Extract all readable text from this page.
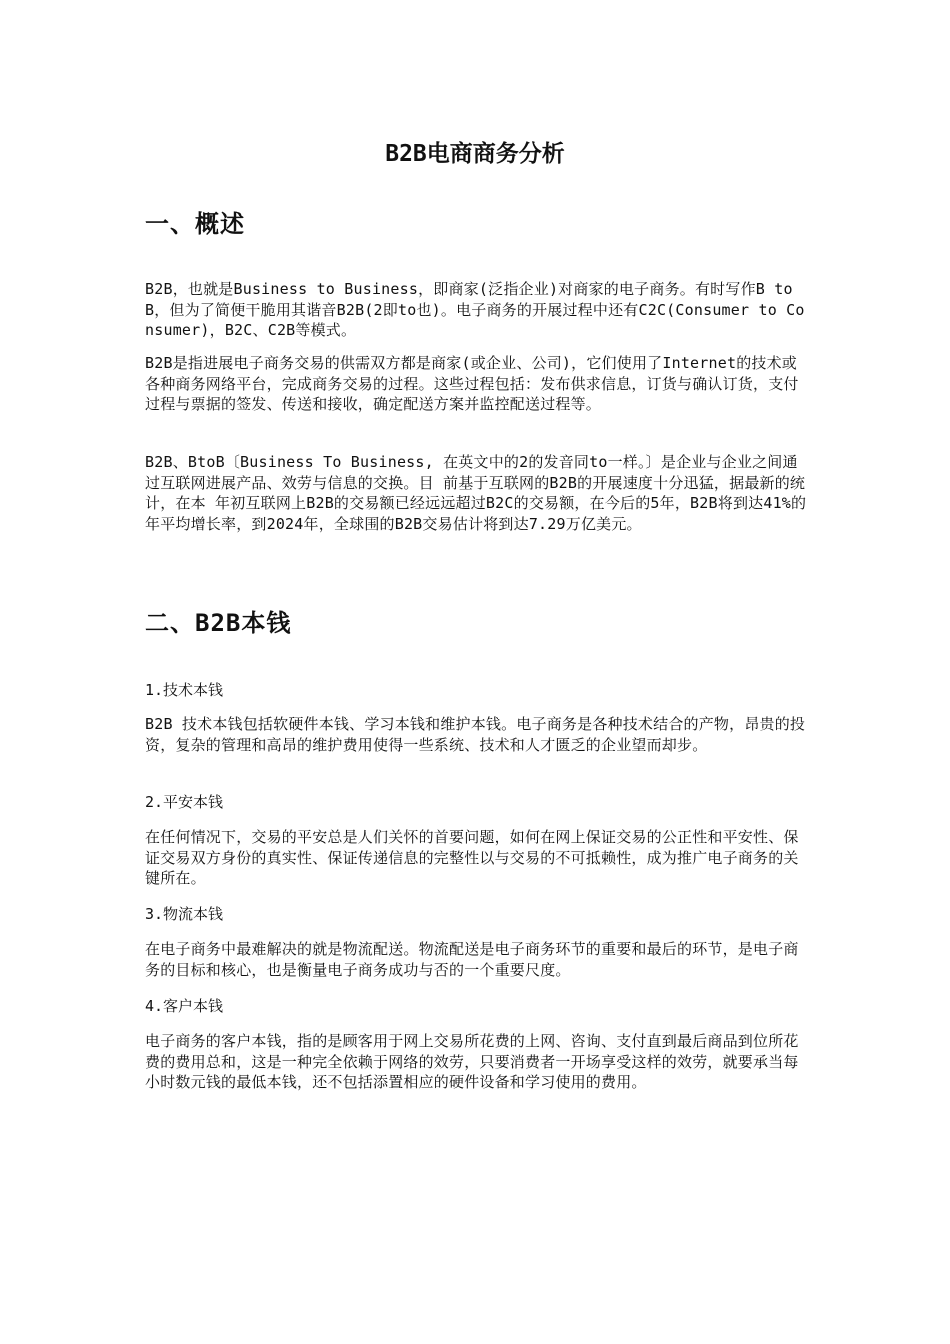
B2B电商商务分析
一、概述

B2B，也就是Business to Business，即商家(泛指企业)对商家的电子商务。有时写作B to B，但为了简便干脆用其谐音B2B(2即to也)。电子商务的开展过程中还有C2C(Consumer to Consumer)，B2C、C2B等模式。

B2B是指进展电子商务交易的供需双方都是商家(或企业、公司)，它们使用了Internet的技术或各种商务网络平台，完成商务交易的过程。这些过程包括：发布供求信息，订货与确认订货，支付过程与票据的签发、传送和接收，确定配送方案并监控配送过程等。

B2B、BtoB〔Business To Business, 在英文中的2的发音同to一样。〕是企业与企业之间通过互联网进展产品、效劳与信息的交换。目 前基于互联网的B2B的开展速度十分迅猛，据最新的统计，在本 年初互联网上B2B的交易额已经远远超过B2C的交易额，在今后的5年，B2B将到达41%的年平均增长率，到2024年，全球围的B2B交易估计将到达7.29万亿美元。

二、B2B本钱

1.技术本钱

B2B 技术本钱包括软硬件本钱、学习本钱和维护本钱。电子商务是各种技术结合的产物，昂贵的投资，复杂的管理和高昂的维护费用使得一些系统、技术和人才匮乏的企业望而却步。

2.平安本钱

在任何情况下，交易的平安总是人们关怀的首要问题，如何在网上保证交易的公正性和平安性、保证交易双方身份的真实性、保证传递信息的完整性以与交易的不可抵赖性，成为推广电子商务的关键所在。

3.物流本钱

在电子商务中最难解决的就是物流配送。物流配送是电子商务环节的重要和最后的环节，是电子商务的目标和核心，也是衡量电子商务成功与否的一个重要尺度。

4.客户本钱

电子商务的客户本钱，指的是顾客用于网上交易所花费的上网、咨询、支付直到最后商品到位所花费的费用总和，这是一种完全依赖于网络的效劳，只要消费者一开场享受这样的效劳，就要承当每小时数元钱的最低本钱，还不包括添置相应的硬件设备和学习使用的费用。
